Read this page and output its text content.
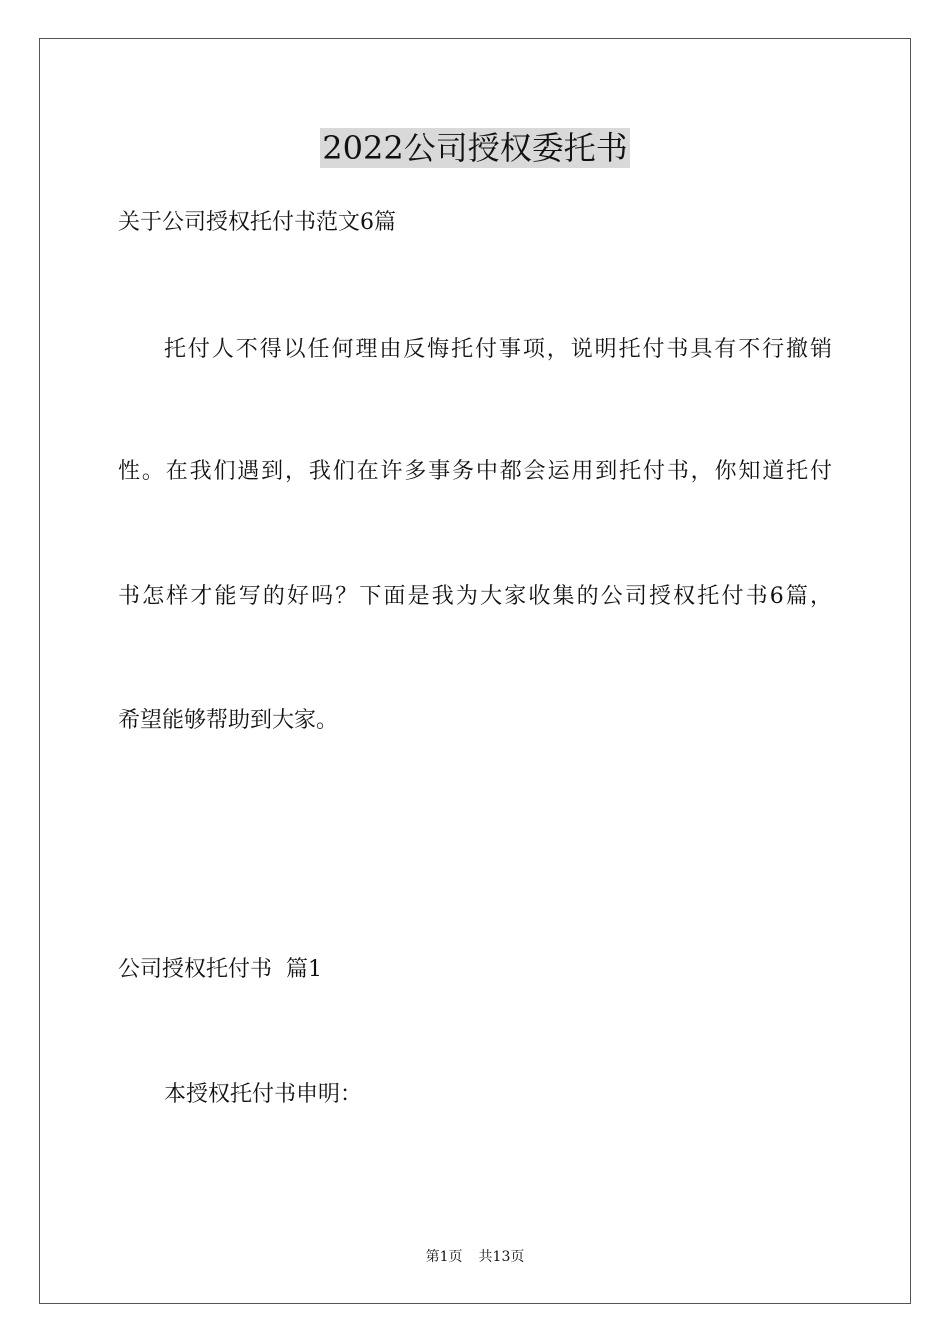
2022公司授权委托书
关于公司授权托付书范文6篇
托付人不得以任何理由反悔托付事项，说明托付书具有不行撤销
性。在我们遇到，我们在许多事务中都会运用到托付书，你知道托付
书怎样才能写的好吗？下面是我为大家收集的公司授权托付书6篇，
希望能够帮助到大家。
公司授权托付书  篇1
本授权托付书申明：
第1页 共13页
